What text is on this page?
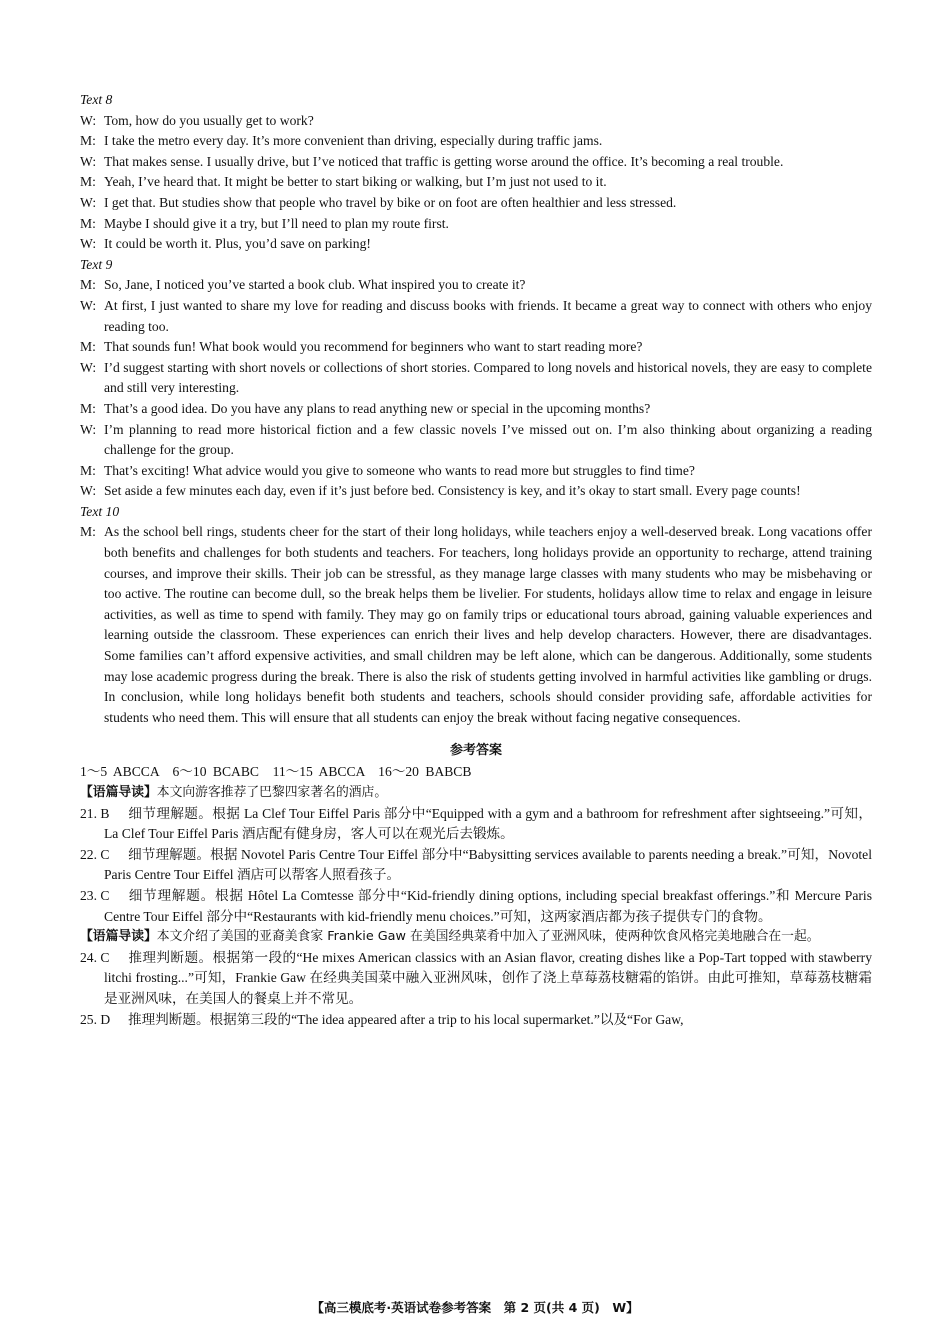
Text 8
W: Tom, how do you usually get to work?
M: I take the metro every day. It’s more convenient than driving, especially during traffic jams.
W: That makes sense. I usually drive, but I’ve noticed that traffic is getting worse around the office. It’s becoming a real trouble.
M: Yeah, I’ve heard that. It might be better to start biking or walking, but I’m just not used to it.
W: I get that. But studies show that people who travel by bike or on foot are often healthier and less stressed.
M: Maybe I should give it a try, but I’ll need to plan my route first.
W: It could be worth it. Plus, you’d save on parking!
Text 9
M: So, Jane, I noticed you’ve started a book club. What inspired you to create it?
W: At first, I just wanted to share my love for reading and discuss books with friends. It became a great way to connect with others who enjoy reading too.
M: That sounds fun! What book would you recommend for beginners who want to start reading more?
W: I’d suggest starting with short novels or collections of short stories. Compared to long novels and historical novels, they are easy to complete and still very interesting.
M: That’s a good idea. Do you have any plans to read anything new or special in the upcoming months?
W: I’m planning to read more historical fiction and a few classic novels I’ve missed out on. I’m also thinking about organizing a reading challenge for the group.
M: That’s exciting! What advice would you give to someone who wants to read more but struggles to find time?
W: Set aside a few minutes each day, even if it’s just before bed. Consistency is key, and it’s okay to start small. Every page counts!
Text 10
M: As the school bell rings, students cheer for the start of their long holidays, while teachers enjoy a well-deserved break. Long vacations offer both benefits and challenges for both students and teachers. For teachers, long holidays provide an opportunity to recharge, attend training courses, and improve their skills. Their job can be stressful, as they manage large classes with many students who may be misbehaving or too active. The routine can become dull, so the break helps them be livelier. For students, holidays allow time to relax and engage in leisure activities, as well as time to spend with family. They may go on family trips or educational tours abroad, gaining valuable experiences and learning outside the classroom. These experiences can enrich their lives and help develop characters. However, there are disadvantages. Some families can’t afford expensive activities, and small children may be left alone, which can be dangerous. Additionally, some students may lose academic progress during the break. There is also the risk of students getting involved in harmful activities like gambling or drugs. In conclusion, while long holidays benefit both students and teachers, schools should consider providing safe, affordable activities for students who need them. This will ensure that all students can enjoy the break without facing negative consequences.
参考答案
1～5 ABCCA　6～10 BCABC　11～15 ABCCA　16～20 BABCB
【语篇导读】本文向游客推荐了巴黎四家著名的酒店。
21. B 细节理解题。根据 La Clef Tour Eiffel Paris 部分中“Equipped with a gym and a bathroom for refreshment after sightseeing.”可知，La Clef Tour Eiffel Paris 酒店配有健身房，客人可以在观光后去锻炼。
22. C 细节理解题。根据 Novotel Paris Centre Tour Eiffel 部分中“Babysitting services available to parents needing a break.”可知，Novotel Paris Centre Tour Eiffel 酒店可以帮客人照看孩子。
23. C 细节理解题。根据 Hôtel La Comtesse 部分中“Kid-friendly dining options, including special breakfast offerings.”和 Mercure Paris Centre Tour Eiffel 部分中“Restaurants with kid-friendly menu choices.”可知，这两家酒店都为孩子提供专门的食物。
【语篇导读】本文介绍了美国的亚裔美食家 Frankie Gaw 在美国经典菜肴中加入了亚洲风味，使两种饮食风格完美地融合在一起。
24. C 推理判断题。根据第一段的“He mixes American classics with an Asian flavor, creating dishes like a Pop-Tart topped with stawberry litchi frosting...”可知，Frankie Gaw 在经典美国菜中融入亚洲风味，创作了浇上草莓荔枝糖霜的馅饼。由此可推知，草莓荔枝糖霜是亚洲风味，在美国人的餐桌上并不常见。
25. D 推理判断题。根据第三段的“The idea appeared after a trip to his local supermarket.”以及“For Gaw,
【高三模底考·英语试卷参考答案　第 2 页(共 4 页)　W】
